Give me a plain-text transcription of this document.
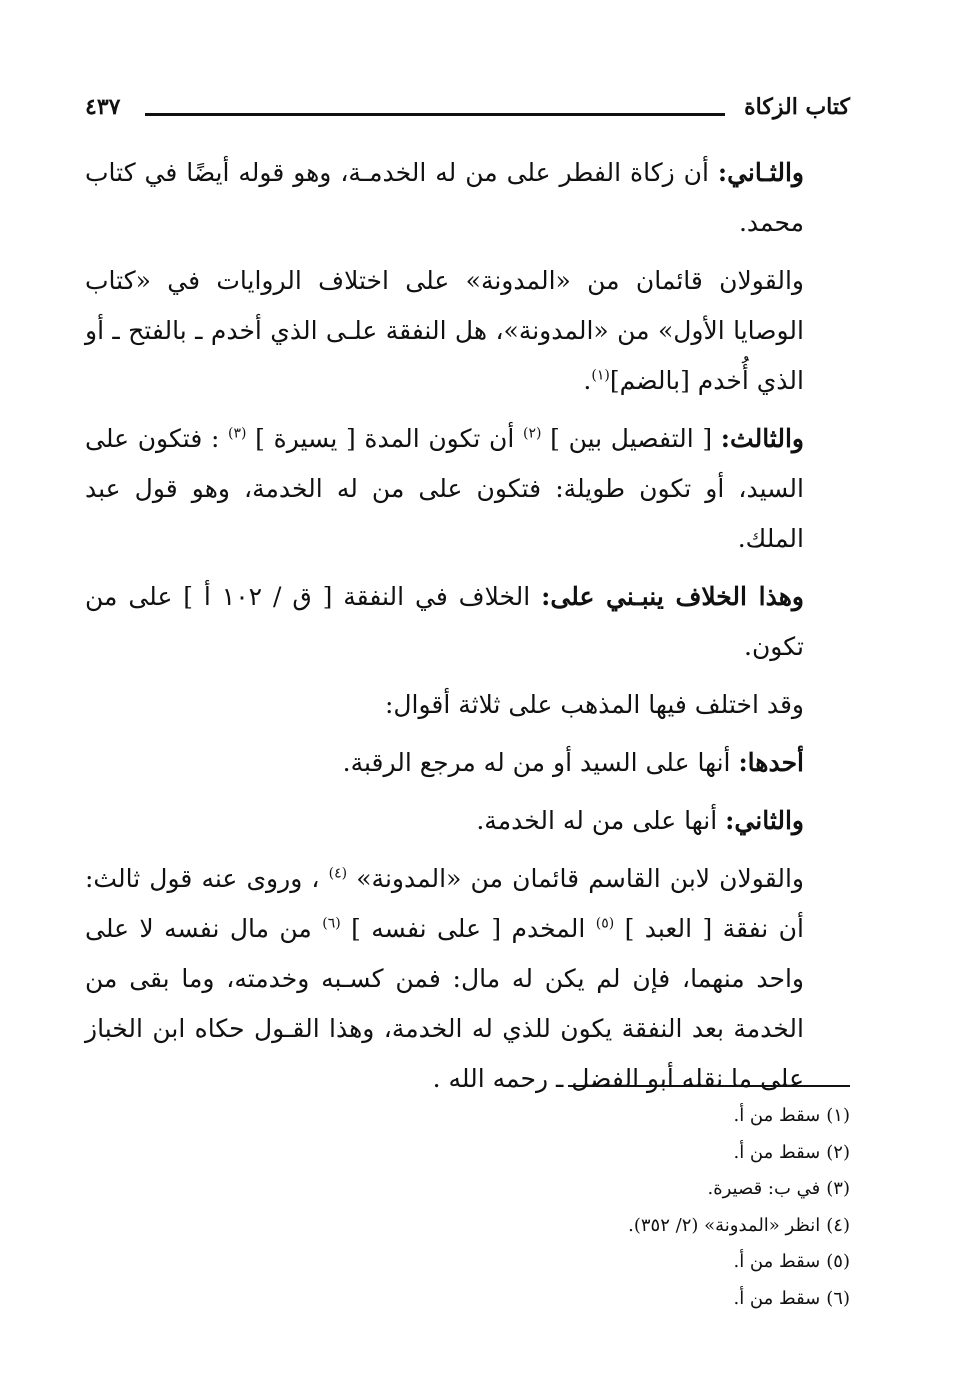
كتاب الزكاة
٤٣٧

والثـاني: أن زكاة الفطر على من له الخدمـة، وهو قوله أيضًا في كتاب محمد.

والقولان قائمان من «المدونة» على اختلاف الروايات في «كتاب الوصايا الأول» من «المدونة»، هل النفقة علـى الذي أخدم ـ بالفتح ـ أو الذي أُخدم [بالضم]$^{(١)}$.

والثالث: [ التفصيل بين ] $^{(٢)}$ أن تكون المدة [ يسيرة ] $^{(٣)}$ : فتكون على السيد، أو تكون طويلة: فتكون على من له الخدمة، وهو قول عبد الملك.

وهذا الخلاف ينبـني على: الخلاف في النفقة [ ق / ١٠٢ أ ] على من تكون.

وقد اختلف فيها المذهب على ثلاثة أقوال:

أحدها: أنها على السيد أو من له مرجع الرقبة.

والثاني: أنها على من له الخدمة.

والقولان لابن القاسم قائمان من «المدونة» $^{(٤)}$ ، وروى عنه قول ثالث: أن نفقة [ العبد ] $^{(٥)}$ المخدم [ على نفسه ] $^{(٦)}$ من مال نفسه لا على واحد منهما، فإن لم يكن له مال: فمن كسـبه وخدمته، وما بقى من الخدمة بعد النفقة يكون للذي له الخدمة، وهذا القـول حكاه ابن الخباز على ما نقله أبو الفضل ـ رحمه الله .

(١)سقط من أ.
(٢)سقط من أ.
(٣)في ب: قصيرة.
(٤)انظر «المدونة» (٢/ ٣٥٢).
(٥)سقط من أ.
(٦)سقط من أ.
